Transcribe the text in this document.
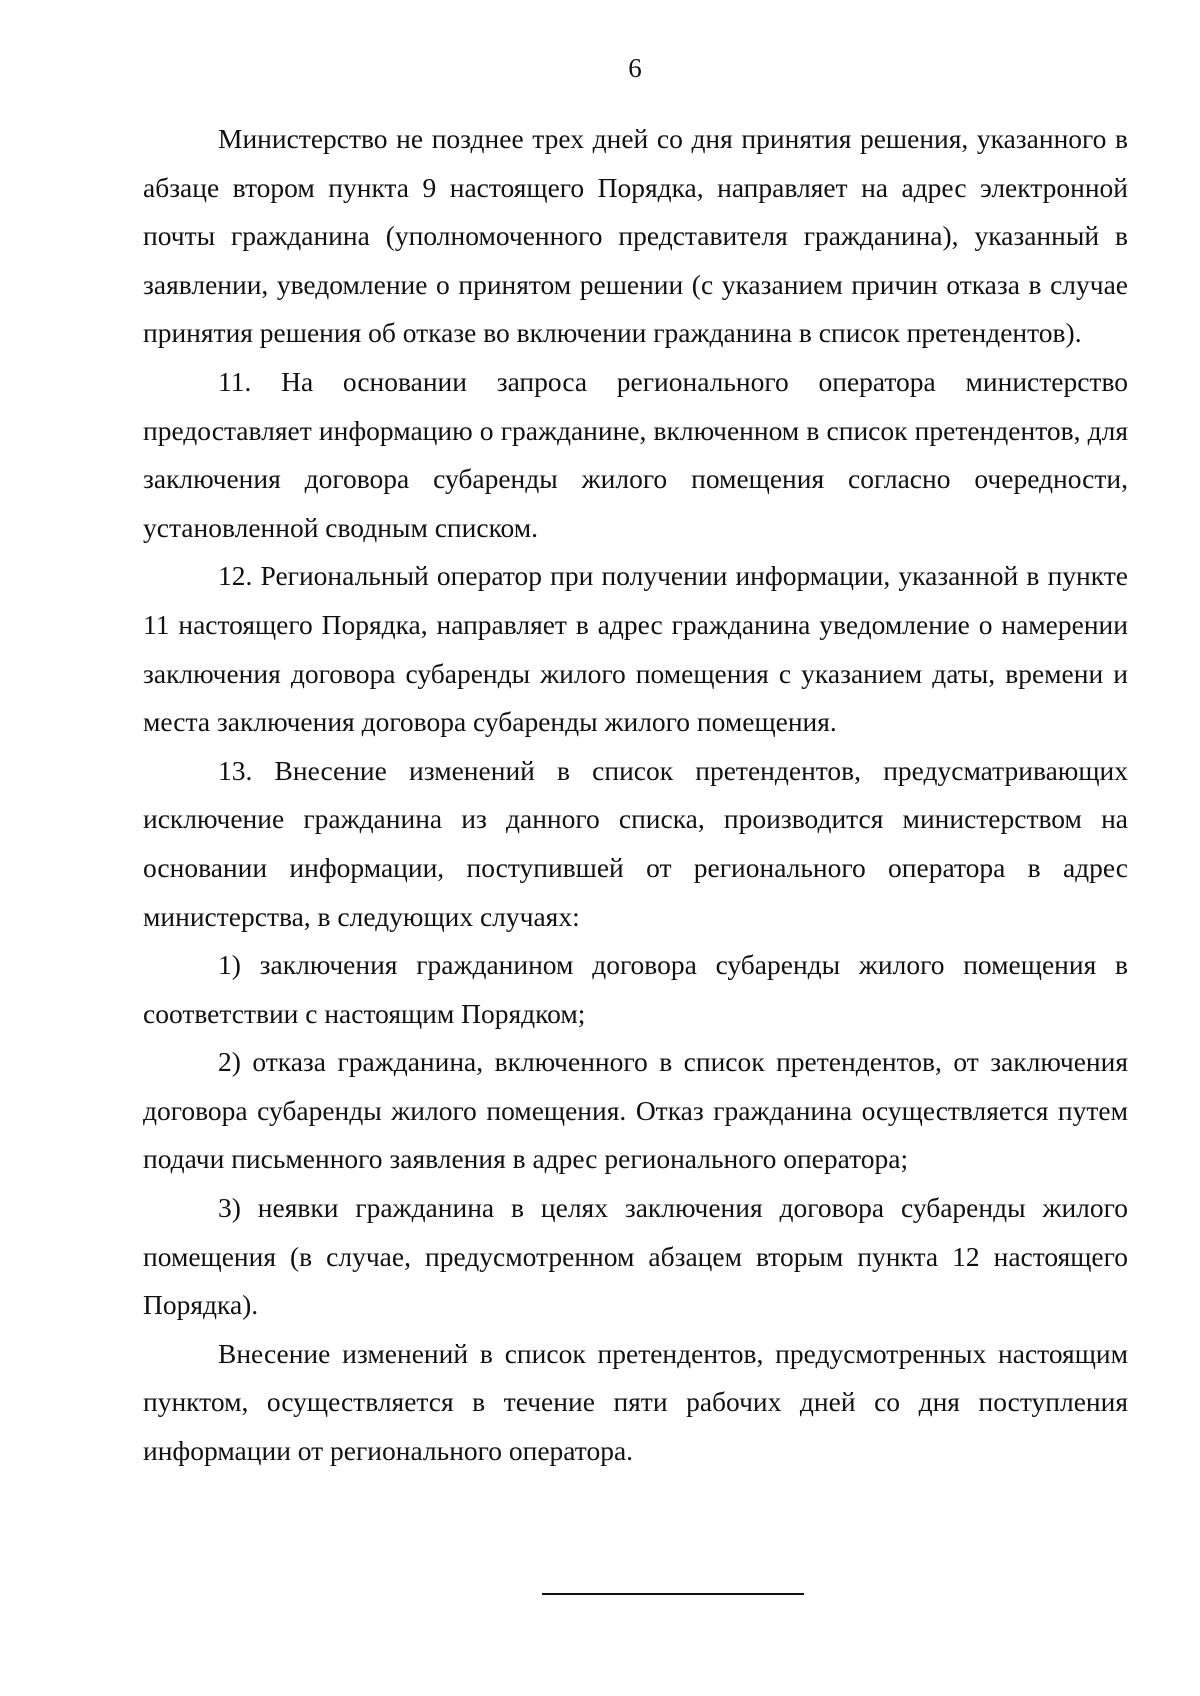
6

Министерство не позднее трех дней со дня принятия решения, указанного в абзаце втором пункта 9 настоящего Порядка, направляет на адрес электронной почты гражданина (уполномоченного представителя гражданина), указанный в заявлении, уведомление о принятом решении (с указанием причин отказа в случае принятия решения об отказе во включении гражданина в список претендентов).

11. На основании запроса регионального оператора министерство предоставляет информацию о гражданине, включенном в список претендентов, для заключения договора субаренды жилого помещения согласно очередности, установленной сводным списком.

12. Региональный оператор при получении информации, указанной в пункте 11 настоящего Порядка, направляет в адрес гражданина уведомление о намерении заключения договора субаренды жилого помещения с указанием даты, времени и места заключения договора субаренды жилого помещения.

13. Внесение изменений в список претендентов, предусматривающих исключение гражданина из данного списка, производится министерством на основании информации, поступившей от регионального оператора в адрес министерства, в следующих случаях:

1) заключения гражданином договора субаренды жилого помещения в соответствии с настоящим Порядком;

2) отказа гражданина, включенного в список претендентов, от заключения договора субаренды жилого помещения. Отказ гражданина осуществляется путем подачи письменного заявления в адрес регионального оператора;

3) неявки гражданина в целях заключения договора субаренды жилого помещения (в случае, предусмотренном абзацем вторым пункта 12 настоящего Порядка).

Внесение изменений в список претендентов, предусмотренных настоящим пунктом, осуществляется в течение пяти рабочих дней со дня поступления информации от регионального оператора.
